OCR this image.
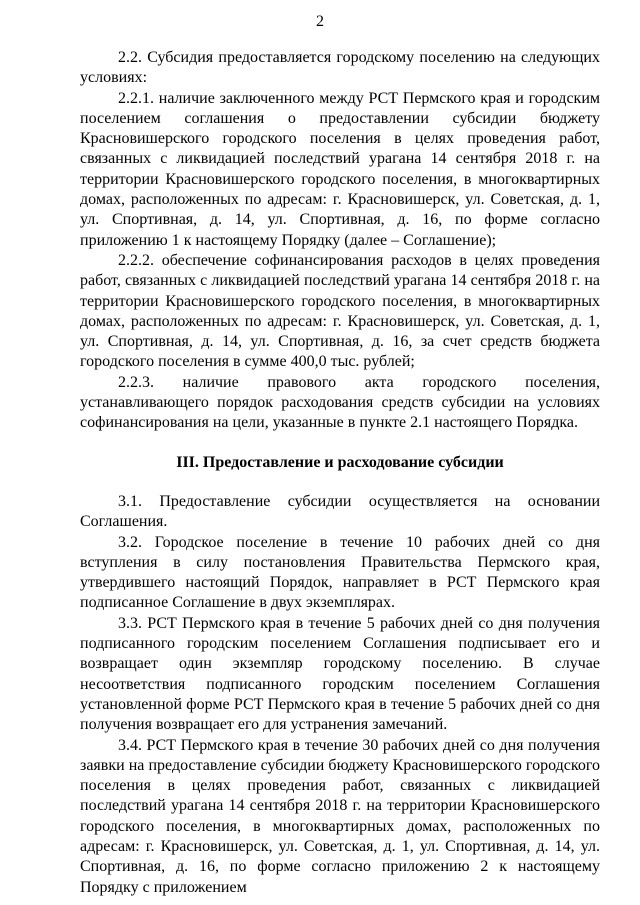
2

2.2. Субсидия предоставляется городскому поселению на следующих условиях:

2.2.1. наличие заключенного между РСТ Пермского края и городским поселением соглашения о предоставлении субсидии бюджету Красновишерского городского поселения в целях проведения работ, связанных с ликвидацией последствий урагана 14 сентября 2018 г. на территории Красновишерского городского поселения, в многоквартирных домах, расположенных по адресам: г. Красновишерск, ул. Советская, д. 1, ул. Спортивная, д. 14, ул. Спортивная, д. 16, по форме согласно приложению 1 к настоящему Порядку (далее – Соглашение);

2.2.2. обеспечение софинансирования расходов в целях проведения работ, связанных с ликвидацией последствий урагана 14 сентября 2018 г. на территории Красновишерского городского поселения, в многоквартирных домах, расположенных по адресам: г. Красновишерск, ул. Советская, д. 1, ул. Спортивная, д. 14, ул. Спортивная, д. 16, за счет средств бюджета городского поселения в сумме 400,0 тыс. рублей;

2.2.3. наличие правового акта городского поселения, устанавливающего порядок расходования средств субсидии на условиях софинансирования на цели, указанные в пункте 2.1 настоящего Порядка.

III. Предоставление и расходование субсидии

3.1. Предоставление субсидии осуществляется на основании Соглашения.

3.2. Городское поселение в течение 10 рабочих дней со дня вступления в силу постановления Правительства Пермского края, утвердившего настоящий Порядок, направляет в РСТ Пермского края подписанное Соглашение в двух экземплярах.

3.3. РСТ Пермского края в течение 5 рабочих дней со дня получения подписанного городским поселением Соглашения подписывает его и возвращает один экземпляр городскому поселению. В случае несоответствия подписанного городским поселением Соглашения установленной форме РСТ Пермского края в течение 5 рабочих дней со дня получения возвращает его для устранения замечаний.

3.4. РСТ Пермского края в течение 30 рабочих дней со дня получения заявки на предоставление субсидии бюджету Красновишерского городского поселения в целях проведения работ, связанных с ликвидацией последствий урагана 14 сентября 2018 г. на территории Красновишерского городского поселения, в многоквартирных домах, расположенных по адресам: г. Красновишерск, ул. Советская, д. 1, ул. Спортивная, д. 14, ул. Спортивная, д. 16, по форме согласно приложению 2 к настоящему Порядку с приложением
